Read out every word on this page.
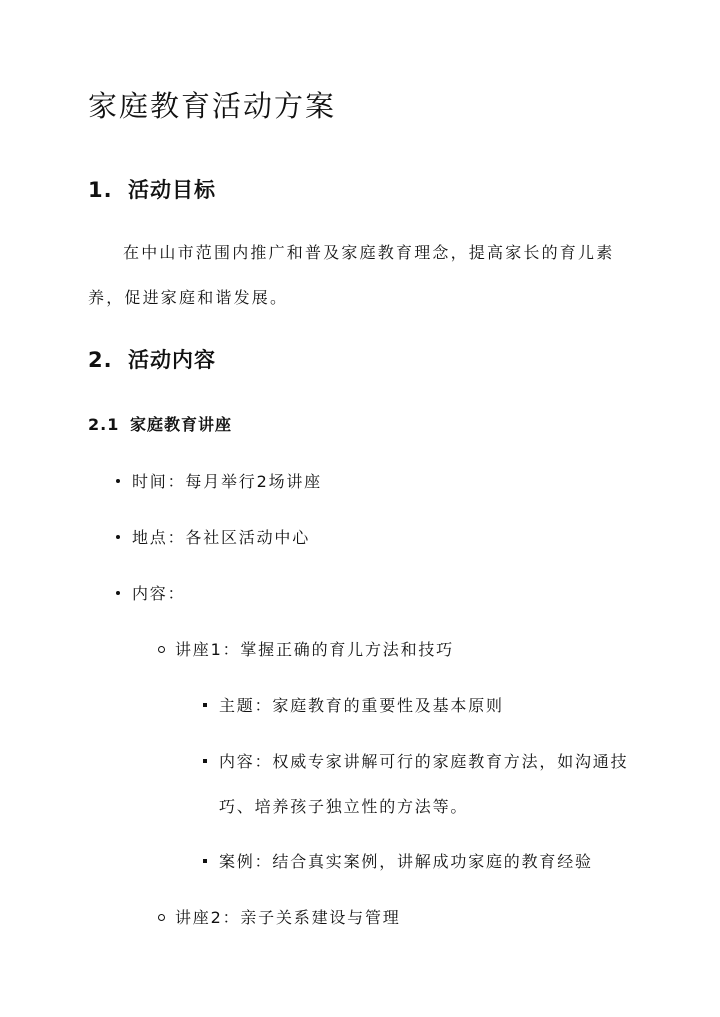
家庭教育活动方案
1. 活动目标

在中山市范围内推广和普及家庭教育理念，提高家长的育儿素养，促进家庭和谐发展。

2. 活动内容
2.1 家庭教育讲座
时间：每月举行2场讲座
地点：各社区活动中心
内容：
讲座1：掌握正确的育儿方法和技巧
主题：家庭教育的重要性及基本原则
内容：权威专家讲解可行的家庭教育方法，如沟通技巧、培养孩子独立性的方法等。
案例：结合真实案例，讲解成功家庭的教育经验
讲座2：亲子关系建设与管理
